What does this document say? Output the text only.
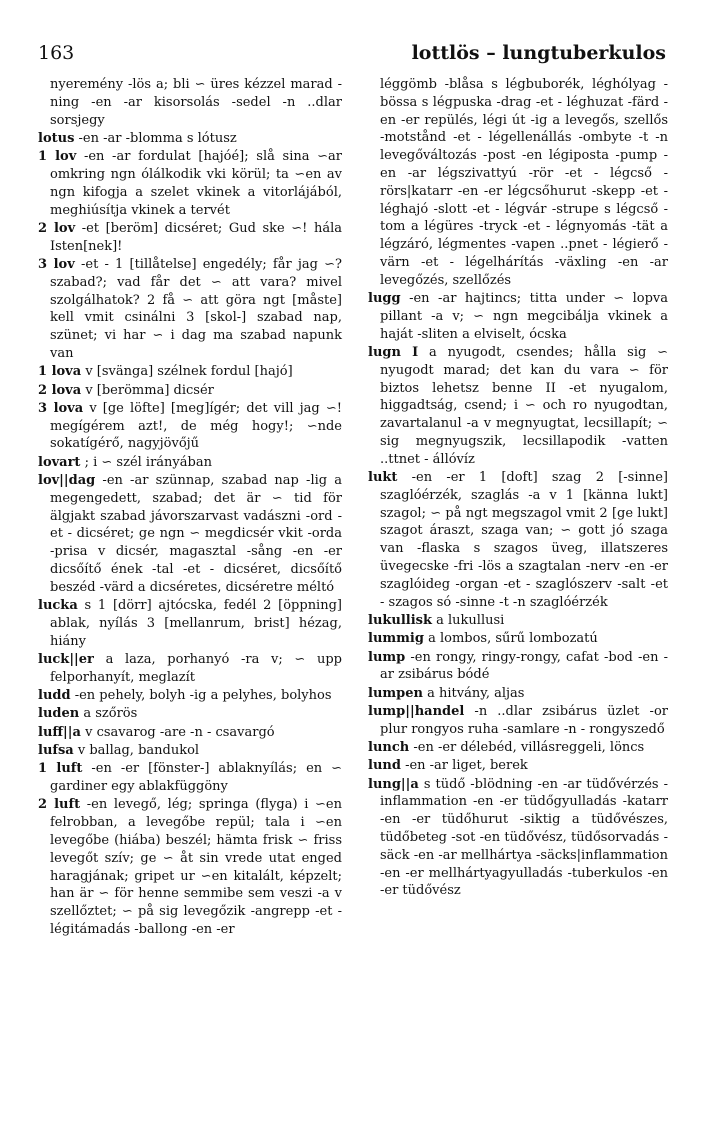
163	lottlös – lungtuberkulos

nyeremény -lös a; bli ∽ üres kézzel marad -ning -en -ar kisorsolás -sedel -n ..dlar sorsjegy

lotus -en -ar -blomma s lótusz

1 lov -en -ar fordulat [hajóé]; slå sina ∽ar omkring ngn ólálkodik vki körül; ta ∽en av ngn kifogja a szelet vkinek a vitorlájából, meghiúsítja vkinek a tervét

2 lov -et [beröm] dicséret; Gud ske ∽! hála Isten[nek]!

3 lov -et - 1 [tillåtelse] engedély; får jag ∽? szabad?; vad får det ∽ att vara? mivel szolgálhatok? 2 få ∽ att göra ngt [måste] kell vmit csinálni 3 [skol-] szabad nap, szünet; vi har ∽ i dag ma szabad napunk van

1 lova v [svänga] szélnek fordul [hajó]

2 lova v [berömma] dicsér

3 lova v [ge löfte] [meg]ígér; det vill jag ∽! megígérem azt!, de még hogy!; ∽nde sokatígérő, nagyjövőjű

lovart ; i ∽ szél irányában

lov||dag -en -ar szünnap, szabad nap -lig a megengedett, szabad; det är ∽ tid för älgjakt szabad jávorszarvast vadászni -ord -et - dicséret; ge ngn ∽ megdicsér vkit -orda -prisa v dicsér, magasztal -sång -en -er dicsőítő ének -tal -et - dicséret, dicsőítő beszéd -värd a dicséretes, dicséretre méltó

lucka s 1 [dörr] ajtócska, fedél 2 [öppning] ablak, nyílás 3 [mellanrum, brist] hézag, hiány

luck||er a laza, porhanyó -ra v; ∽ upp felporhanyít, meglazít

ludd -en pehely, bolyh -ig a pelyhes, bolyhos

luden a szőrös

luff||a v csavarog -are -n - csavargó

lufsa v ballag, bandukol

1 luft -en -er [fönster-] ablaknyílás; en ∽ gardiner egy ablakfüggöny

2 luft -en levegő, lég; springa (flyga) i ∽en felrobban, a levegőbe repül; tala i ∽en levegőbe (hiába) beszél; hämta frisk ∽ friss levegőt szív; ge ∽ åt sin vrede utat enged haragjának; gripet ur ∽en kitalált, képzelt; han är ∽ för henne semmibe sem veszi -a v szellőztet; ∽ på sig levegőzik -angrepp -et - légitámadás -ballong -en -er

léggömb -blåsa s légbuborék, léghólyag -bössa s légpuska -drag -et - léghuzat -färd -en -er repülés, légi út -ig a levegős, szellős -motstånd -et - légellenállás -ombyte -t -n levegőváltozás -post -en légiposta -pump -en -ar légszivattyú -rör -et - légcső -rörs|katarr -en -er légcsőhurut -skepp -et - léghajó -slott -et - légvár -strupe s légcső -tom a légüres -tryck -et - légnyomás -tät a légzáró, légmentes -vapen ..pnet - légierő -värn -et - légelhárítás -växling -en -ar levegőzés, szellőzés

lugg -en -ar hajtincs; titta under ∽ lopva pillant -a v; ∽ ngn megcibálja vkinek a haját -sliten a elviselt, ócska

lugn I a nyugodt, csendes; hålla sig ∽ nyugodt marad; det kan du vara ∽ för biztos lehetsz benne II -et nyugalom, higgadtság, csend; i ∽ och ro nyugodtan, zavartalanul -a v megnyugtat, lecsillapít; ∽ sig megnyugszik, lecsillapodik -vatten ..ttnet - állóvíz

lukt -en -er 1 [doft] szag 2 [-sinne] szaglóérzék, szaglás -a v 1 [känna lukt] szagol; ∽ på ngt megszagol vmit 2 [ge lukt] szagot áraszt, szaga van; ∽ gott jó szaga van -flaska s szagos üveg, illatszeres üvegecske -fri -lös a szagtalan -nerv -en -er szaglóideg -organ -et - szaglószerv -salt -et - szagos só -sinne -t -n szaglóérzék

lukullisk a lukullusi

lummig a lombos, sűrű lombozatú

lump -en rongy, ringy-rongy, cafat -bod -en -ar zsibárus bódé

lumpen a hitvány, aljas

lump||handel -n ..dlar zsibárus üzlet -or plur rongyos ruha -samlare -n - rongyszedő

lunch -en -er délebéd, villásreggeli, löncs

lund -en -ar liget, berek

lung||a s tüdő -blödning -en -ar tüdővérzés -inflammation -en -er tüdőgyulladás -katarr -en -er tüdőhurut -siktig a tüdővészes, tüdőbeteg -sot -en tüdővész, tüdősorvadás -säck -en -ar mellhártya -säcks|inflammation -en -er mellhártyagyulladás -tuberkulos -en -er tüdővész
